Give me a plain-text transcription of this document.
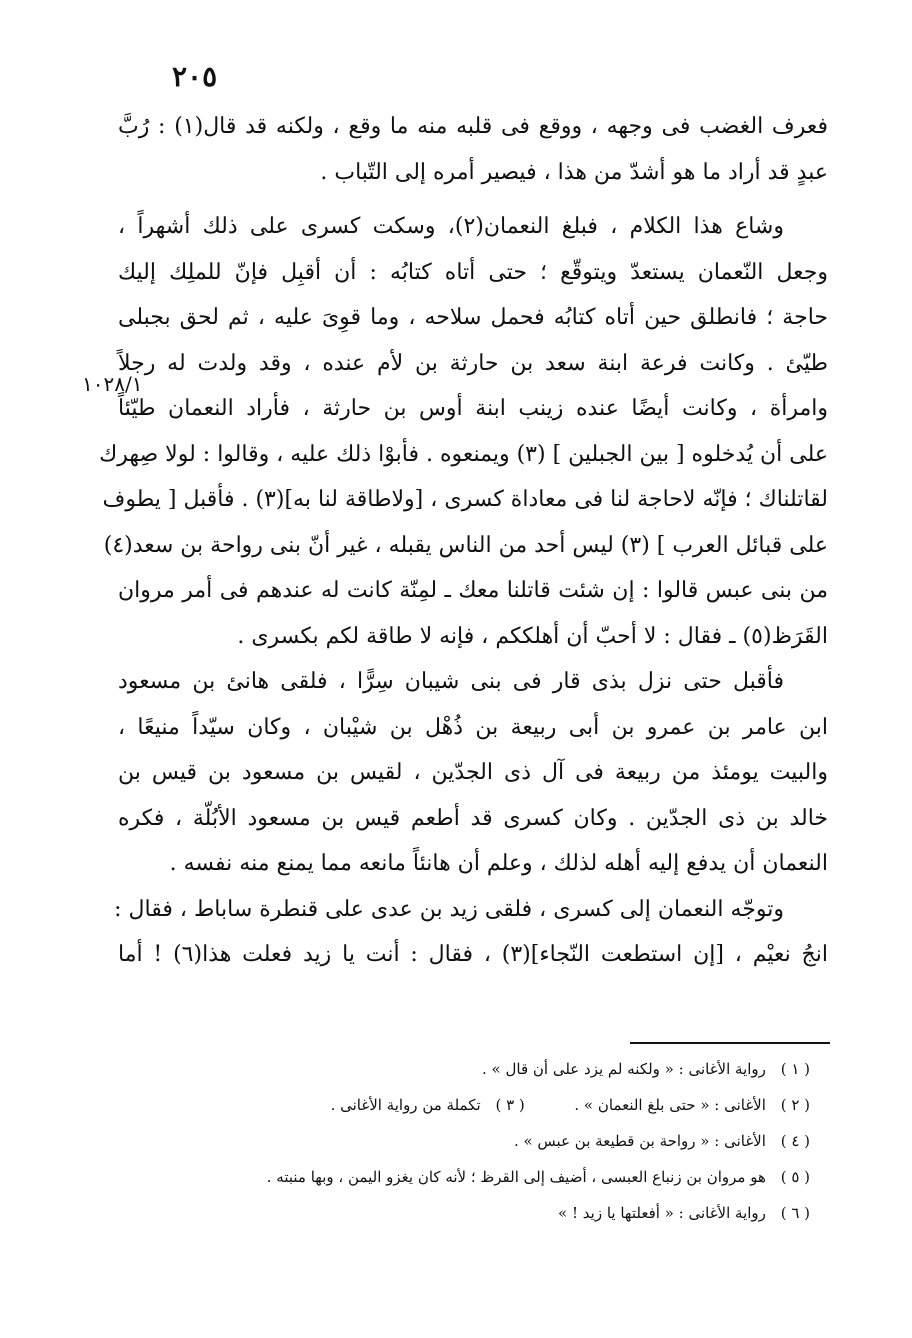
٢٠٥
١٠٢٨/١
فعرف الغضب فى وجهه ، ووقع فى قلبه منه ما وقع ، ولكنه قد قال(١) : رُبَّ
عبدٍ قد أراد ما هو أشدّ من هذا ، فيصير أمره إلى التّباب .
وشاع هذا الكلام ، فبلغ النعمان(٢)، وسكت كسرى على ذلك أشهراً ،
وجعل النّعمان يستعدّ ويتوقّع ؛ حتى أتاه كتابُه : أن أقبِل فإنّ للملِك إليك
حاجة ؛ فانطلق حين أتاه كتابُه فحمل سلاحه ، وما قوِىَ عليه ، ثم لحق بجبلى
طيّئ . وكانت فرعة ابنة سعد بن حارثة بن لأم عنده ، وقد ولدت له رجلاً
وامرأة ، وكانت أيضًا عنده زينب ابنة أوس بن حارثة ، فأراد النعمان طيّئاً
على أن يُدخلوه [ بين الجبلين ] (٣) ويمنعوه . فأبوْا ذلك عليه ، وقالوا : لولا صِهرك
لقاتلناك ؛ فإنّه لاحاجة لنا فى معاداة كسرى ، [ولاطاقة لنا به](٣) . فأقبل [ يطوف
على قبائل العرب ] (٣) ليس أحد من الناس يقبله ، غير أنّ بنى رواحة بن سعد(٤)
من بنى عبس قالوا : إن شئت قاتلنا معك ـ لمِنّة كانت له عندهم فى أمر مروان
القَرَظ(٥) ـ فقال : لا أحبّ أن أهلككم ، فإنه لا طاقة لكم بكسرى .
فأقبل حتى نزل بذى قار فى بنى شيبان سِرًّا ، فلقى هانئ بن مسعود
ابن عامر بن عمرو بن أبى ربيعة بن ذُهْل بن شيْبان ، وكان سيّداً منيعًا ،
والبيت يومئذ من ربيعة فى آل ذى الجدّين ، لقيس بن مسعود بن قيس بن
خالد بن ذى الجدّين . وكان كسرى قد أطعم قيس بن مسعود الأبُلّة ، فكره
النعمان أن يدفع إليه أهله لذلك ، وعلم أن هانئاً مانعه مما يمنع منه نفسه .
وتوجّه النعمان إلى كسرى ، فلقى زيد بن عدى على قنطرة ساباط ، فقال :
انجُ نعيْم ، [إن استطعت النّجاء](٣) ، فقال : أنت يا زيد فعلت هذا(٦) ! أما
( ١ ) رواية الأغانى : « ولكنه لم يزد على أن قال » .
( ٢ ) الأغانى : « حتى بلغ النعمان » .  ( ٣ ) تكملة من رواية الأغانى .
( ٤ ) الأغانى : « رواحة بن قطيعة بن عبس » .
( ٥ ) هو مروان بن زنباع العبسى ، أضيف إلى القرظ ؛ لأنه كان يغزو اليمن ، وبها منبته .
( ٦ ) رواية الأغانى : « أفعلتها يا زيد ! »
